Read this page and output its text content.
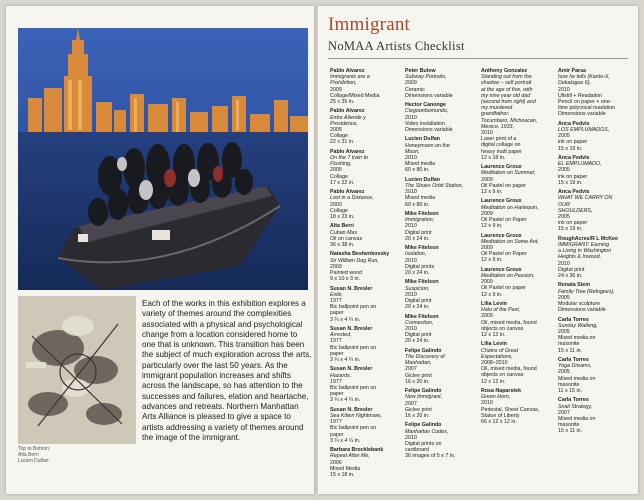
Top to Bottom:
Alta Berri
Lucien Dulfan

Each of the works in this exhibition explores a variety of themes around the complexities associated with a physical and psychological change from a location considered home to one that is unknown. This transition has been the subject of much exploration across the arts, particularly over the last 50 years. As the immigrant population increases and shifts across the landscape, so has attention to the successes and failures, elation and heartache, advances and retreats. Northern Manhattan Arts Alliance is pleased to give a space to artists addressing a variety of themes around the image of the immigrant.

Immigrant
NoMAA Artists Checklist
Pablo Alvarez
Immigrants are a
Prohibition,
2009
Collage/Mixed Media
25 x 35 in.
Pablo Alvarez
Entre Allende y
Providence,
2005
Collage
22 x 31 in.
Pablo Alvarez
On the 7 train to
Flushing,
2005
Collage
17 x 22 in.
Pablo Alvarez
Lost in a Distance,
2000
Collage
18 x 23 in.
Alta Berri
Cuban Mas
Oil on canvas
36 x 38 in.
Natasha Beshenkovsky
Sir William Dog Run,
2009
Painted wood
9 x 10 x 3 in.
Susan N. Bresler
Exile,
1977
Bic ballpoint pen on paper
3 ¼ x 4 ¼ in.
Susan N. Bresler
Arrested,
1977
Bic ballpoint pen on paper
3 ¼ x 4 ¼ in.
Susan N. Bresler
Hazards,
1977
Bic ballpoint pen on paper
3 ¼ x 4 ¼ in.
Susan N. Bresler
Sea Kitten Nightmare,
1977
Bic ballpoint pen on paper
3 ¼ x 4 ¼ in.
Barbara Brocklebank
Repeat After Me,
2006
Mixed Media
15 x 18 in.
Peter Bulow
Subway Portraits,
2009
Ceramic
Dimensions variable
Hector Canonge
Ciegoonbomundo,
2010
Video installation
Dimensions variable
Lucien Dulfan
Honeymoon on the
Moon,
2010
Mixed media
60 x 80 in.
Lucien Dulfan
The Shoes Orbit Station,
2010
Mixed media
60 x 80 in.
Mike Fitelson
Immigration,
2010
Digital print
20 x 24 in.
Mike Fitelson
Isolation,
2010
Digital prints
20 x 24 in.
Mike Fitelson
Suspicion,
2010
Digital print
20 x 24 in.
Mike Fitelson
Connection,
2010
Digital print
20 x 24 in.
Felipe Galindo
The Discovery of
Manhattan,
2007
Giclee print
16 x 20 in.
Felipe Galindo
New Immigrant,
2007
Giclee print
16 x 20 in.
Felipe Galindo
Manhattan Codex,
2010
Digital prints on
cardboard
36 images of 5 x 7 in.
Anthony Gonzalez
Standing out from the
shadow – self portrait
at the age of five, with
my nine year old dad
(second from right) and
my murdered grandfather.
Tocumbaro, Michoacan,
Mexico, 1933,
2010
Laser print of a
digital collage on
heavy matt paper
12 x 18 in.
Laurence Groux
Meditation on Summer,
2009
Oil Pastel on paper
12 x 9 in.
Laurence Groux
Meditation on Harlequin,
2009
Oil Pastel on Paper
12 x 9 in.
Laurence Groux
Meditation on Some Ant,
2009
Oil Pastel on Paper
12 x 9 in.
Laurence Groux
Meditation on Passion,
2009
Oil Pastel on paper
12 x 9 in.
Lilia Levin
Halo of the Past,
2009
Oil, mixed media, found
objects on canvas
12 x 12 in.
Lilia Levin
Chains of Great
Expectations,
2008–2010
Oil, mixed media, found
objects on canvas
12 x 12 in.
Rosa Naparstek
Green Horn,
2010
Pedestal, Sheet Canvas,
Statue of Liberty
66 x 12 x 12 in.
Amir Parsa
how he tells (Kanto-X,
Dekalogue 6),
2010
Ullstill + Readation
Pencil on paper + one-
time polyvocal readation
Dimensions variable
Anca Pedvis
LOS EMPLUMADOS,
2005
ink on paper
15 x 19 in.
Anca Pedvis
EL EMPLUMADO,
2005
ink on paper
15 x 19 in.
Anca Pedvis
WHAT WE CARRY ON OUR
SHOULDERS,
2005
ink on paper
15 x 19 in.
RoughAcres/R L McKee
IMMIGRANT: Earning
a Living in Washington
Heights & Inwood,
2010
Digital print
24 x 36 in.
Renata Stein
Family Tree (Refugees),
2005
Modular sculpture
Dimensions variable
Carla Torres
Sunday Walking,
2005
Mixed media on masonite
15 x 11 in.
Carla Torres
Yoga Dreams,
2005
Mixed media on masonite
11 x 15 in.
Carla Torres
Snail Strategy,
2007
Mixed media on masonite
15 x 11 in.
